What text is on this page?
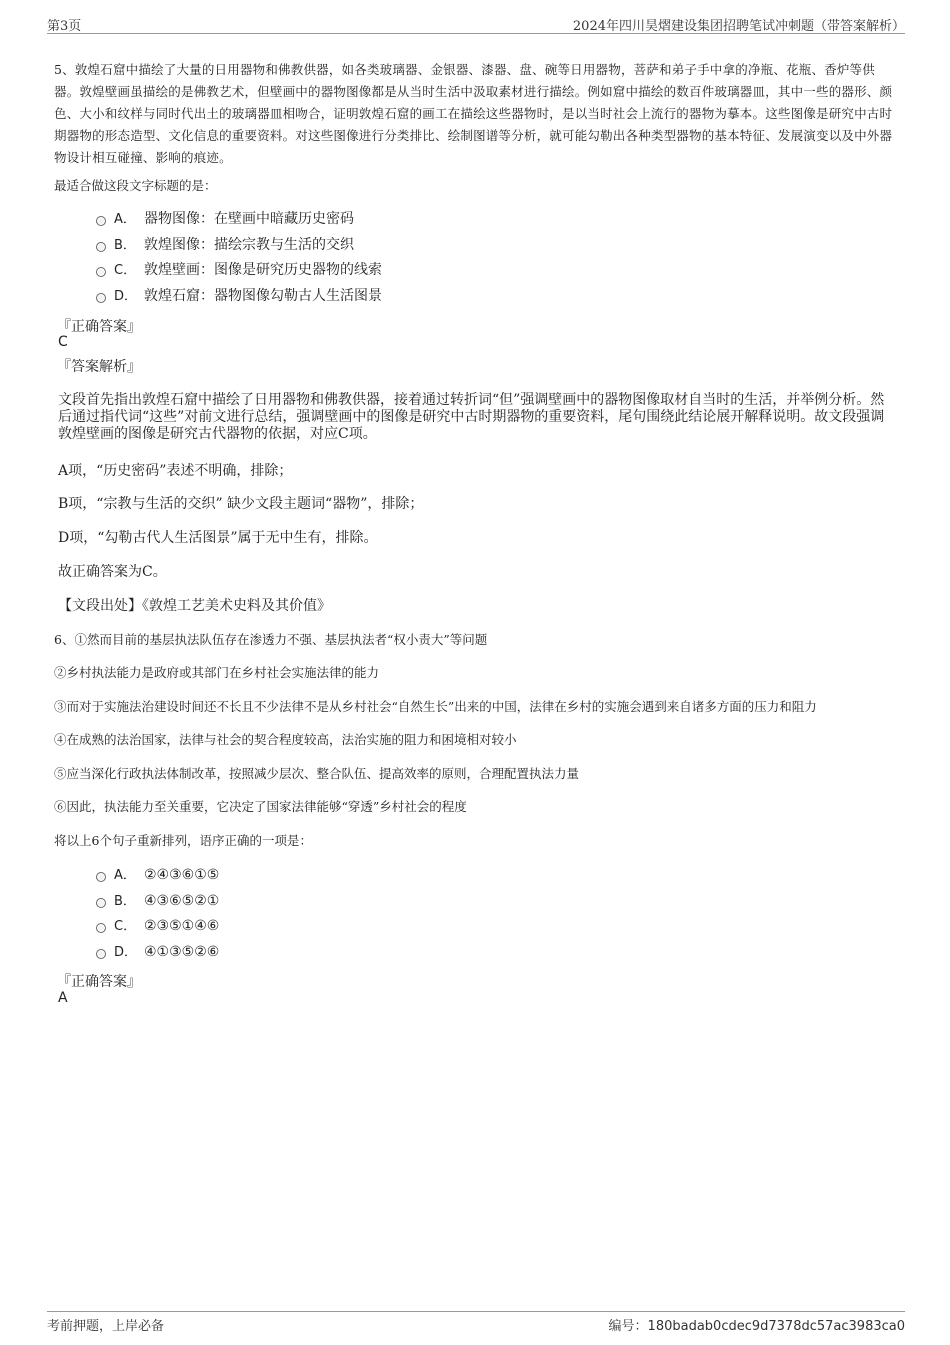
第3页	2024年四川昊熠建设集团招聘笔试冲刺题（带答案解析）
5、敦煌石窟中描绘了大量的日用器物和佛教供器，如各类玻璃器、金银器、漆器、盘、碗等日用器物，菩萨和弟子手中拿的净瓶、花瓶、香炉等供器。敦煌壁画虽描绘的是佛教艺术，但壁画中的器物图像都是从当时生活中汲取素材进行描绘。例如窟中描绘的数百件玻璃器皿，其中一些的器形、颜色、大小和纹样与同时代出土的玻璃器皿相吻合，证明敦煌石窟的画工在描绘这些器物时，是以当时社会上流行的器物为摹本。这些图像是研究中古时期器物的形态造型、文化信息的重要资料。对这些图像进行分类排比、绘制图谱等分析，就可能勾勒出各种类型器物的基本特征、发展演变以及中外器物设计相互碰撞、影响的痕迹。
最适合做这段文字标题的是：
A． 器物图像：在壁画中暗藏历史密码
B． 敦煌图像：描绘宗教与生活的交织
C． 敦煌壁画：图像是研究历史器物的线索
D． 敦煌石窟：器物图像勾勒古人生活图景
『正确答案』
C
『答案解析』
文段首先指出敦煌石窟中描绘了日用器物和佛教供器，接着通过转折词“但”强调壁画中的器物图像取材自当时的生活，并举例分析。然后通过指代词“这些”对前文进行总结，强调壁画中的图像是研究中古时期器物的重要资料，尾句围绕此结论展开解释说明。故文段强调敦煌壁画的图像是研究古代器物的依据，对应C项。
A项，“历史密码”表述不明确，排除；
B项，“宗教与生活的交织” 缺少文段主题词“器物”，排除；
D项，“勾勒古代人生活图景”属于无中生有，排除。
故正确答案为C。
【文段出处】《敦煌工艺美术史料及其价值》
6、①然而目前的基层执法队伍存在渗透力不强、基层执法者“权小责大”等问题
②乡村执法能力是政府或其部门在乡村社会实施法律的能力
③而对于实施法治建设时间还不长且不少法律不是从乡村社会“自然生长”出来的中国，法律在乡村的实施会遇到来自诸多方面的压力和阻力
④在成熟的法治国家，法律与社会的契合程度较高，法治实施的阻力和困境相对较小
⑤应当深化行政执法体制改革，按照减少层次、整合队伍、提高效率的原则，合理配置执法力量
⑥因此，执法能力至关重要，它决定了国家法律能够“穿透”乡村社会的程度
将以上6个句子重新排列，语序正确的一项是：
A． ②④③⑥①⑤
B． ④③⑥⑤②①
C． ②③⑤①④⑥
D． ④①③⑤②⑥
『正确答案』
A
考前押题，上岸必备	编号：180badab0cdec9d7378dc57ac3983ca0
